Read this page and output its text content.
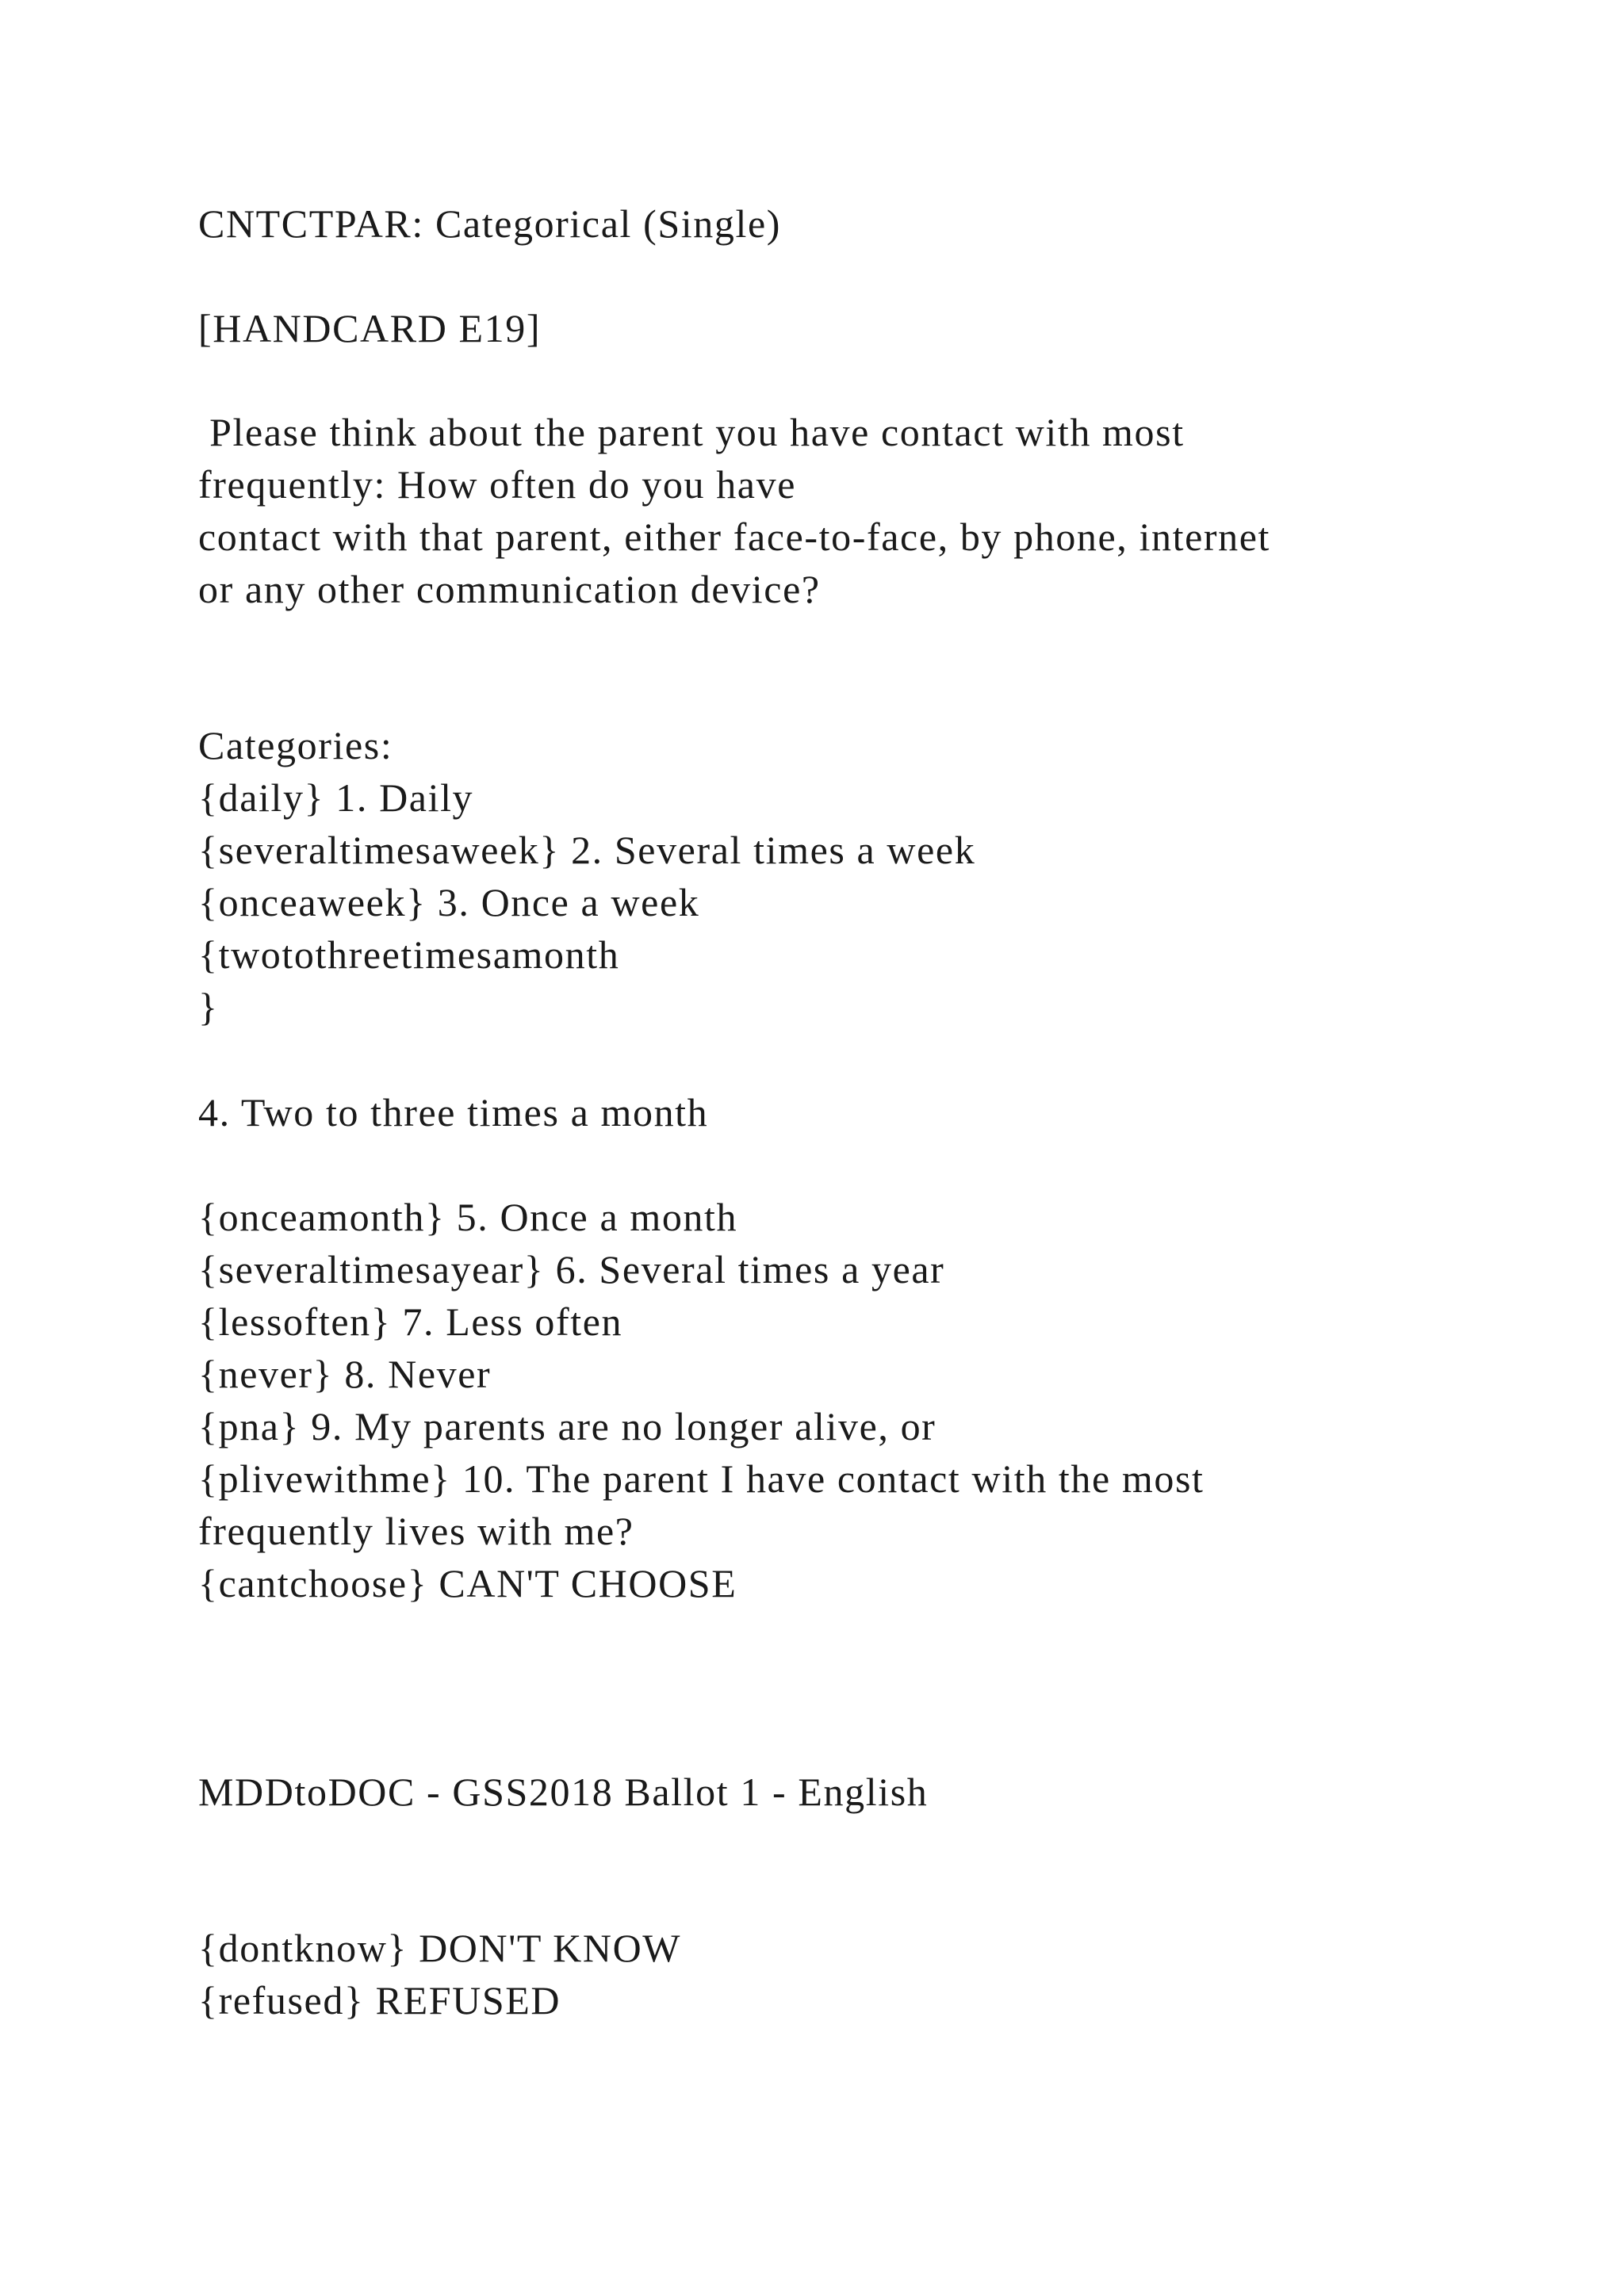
CNTCTPAR: Categorical (Single)
[HANDCARD E19]
Please think about the parent you have contact with most
frequently: How often do you have
contact with that parent, either face-to-face, by phone, internet
or any other communication device?
Categories:
{daily} 1. Daily
{severaltimesaweek} 2. Several times a week
{onceaweek} 3. Once a week
{twotothreetimesamonth
}
4. Two to three times a month
{onceamonth} 5. Once a month
{severaltimesayear} 6. Several times a year
{lessoften} 7. Less often
{never} 8. Never
{pna} 9. My parents are no longer alive, or
{plivewithme} 10. The parent I have contact with the most
frequently lives with me?
{cantchoose} CAN'T CHOOSE
MDDtoDOC - GSS2018 Ballot 1 - English
{dontknow} DON'T KNOW
{refused} REFUSED
